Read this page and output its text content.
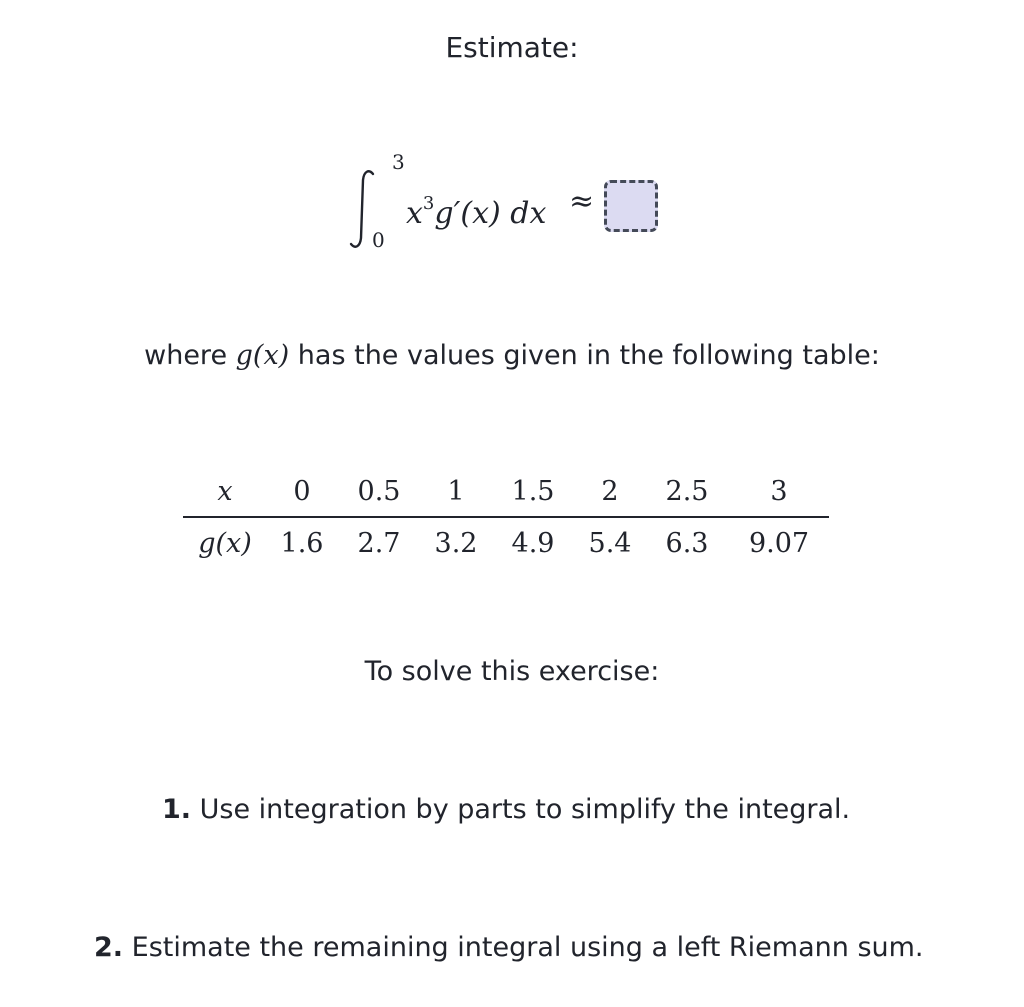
Estimate:
3
0
$x^3g'(x)$ dx ≈
where g(x) has the values given in the following table:
x	0	0.5	1	1.5	2	2.5	3
g(x)	1.6	2.7	3.2	4.9	5.4	6.3	9.07
To solve this exercise:
1. Use integration by parts to simplify the integral.
2. Estimate the remaining integral using a left Riemann sum.
